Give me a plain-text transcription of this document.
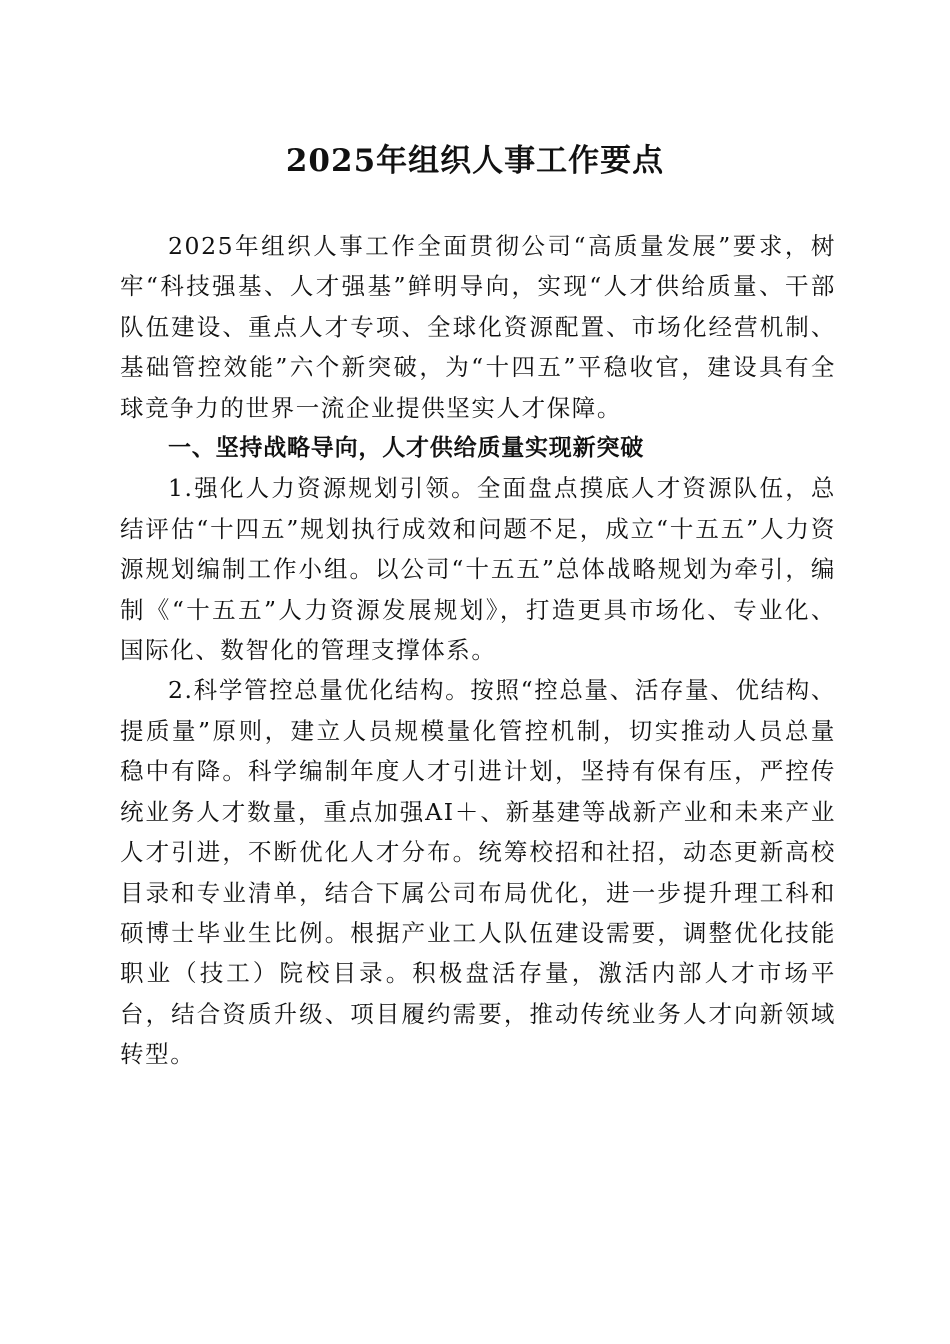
2025年组织人事工作要点

2025年组织人事工作全面贯彻公司“高质量发展”要求，树牢“科技强基、人才强基”鲜明导向，实现“人才供给质量、干部队伍建设、重点人才专项、全球化资源配置、市场化经营机制、基础管控效能”六个新突破，为“十四五”平稳收官，建设具有全球竞争力的世界一流企业提供坚实人才保障。

一、坚持战略导向，人才供给质量实现新突破

1.强化人力资源规划引领。全面盘点摸底人才资源队伍，总结评估“十四五”规划执行成效和问题不足，成立“十五五”人力资源规划编制工作小组。以公司“十五五”总体战略规划为牵引，编制《“十五五”人力资源发展规划》，打造更具市场化、专业化、国际化、数智化的管理支撑体系。

2.科学管控总量优化结构。按照“控总量、活存量、优结构、提质量”原则，建立人员规模量化管控机制，切实推动人员总量稳中有降。科学编制年度人才引进计划，坚持有保有压，严控传统业务人才数量，重点加强AI＋、新基建等战新产业和未来产业人才引进，不断优化人才分布。统筹校招和社招，动态更新高校目录和专业清单，结合下属公司布局优化，进一步提升理工科和硕博士毕业生比例。根据产业工人队伍建设需要，调整优化技能职业（技工）院校目录。积极盘活存量，激活内部人才市场平台，结合资质升级、项目履约需要，推动传统业务人才向新领域转型。
